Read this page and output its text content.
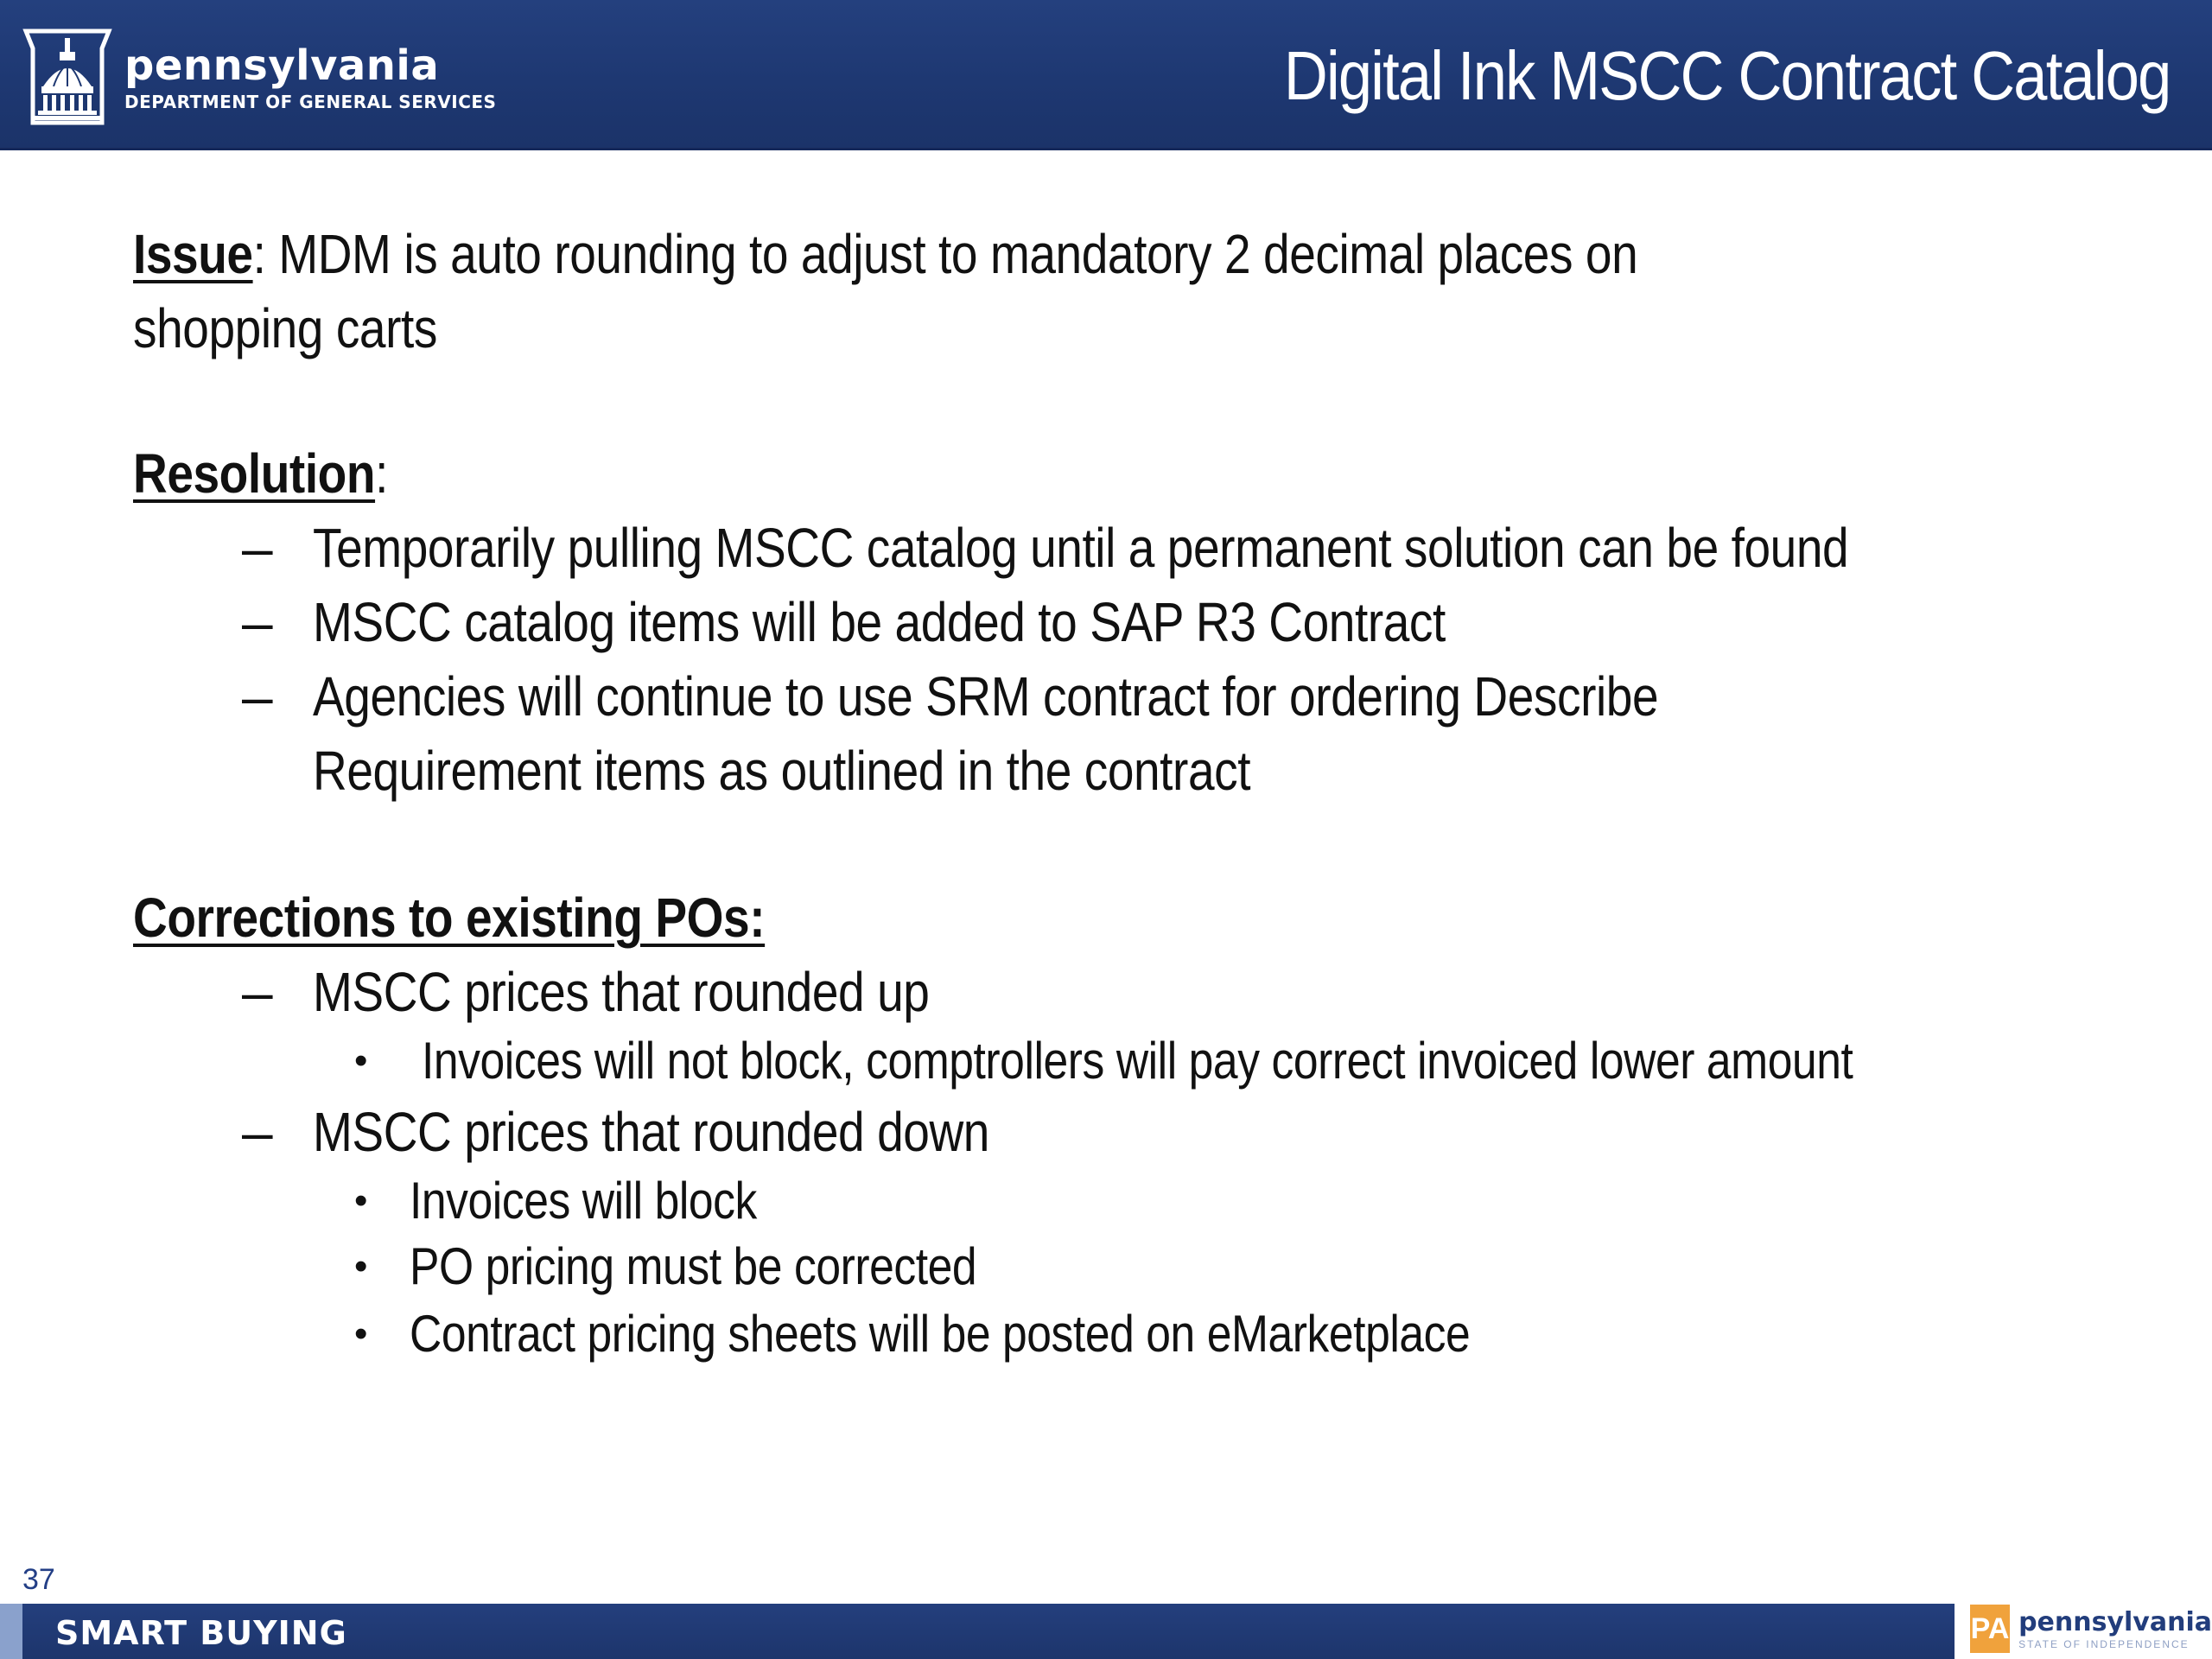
pennsylvania
DEPARTMENT OF GENERAL SERVICES	Digital Ink MSCC Contract Catalog
Issue: MDM is auto rounding to adjust to mandatory 2 decimal places on
shopping carts
Resolution:
– Temporarily pulling MSCC catalog until a permanent solution can be found
– MSCC catalog items will be added to SAP R3 Contract
– Agencies will continue to use SRM contract for ordering Describe
Requirement items as outlined in the contract
Corrections to existing POs:
– MSCC prices that rounded up
• Invoices will not block, comptrollers will pay correct invoiced lower amount
– MSCC prices that rounded down
• Invoices will block
• PO pricing must be corrected
• Contract pricing sheets will be posted on eMarketplace
37
SMART BUYING	PA pennsylvania
STATE OF INDEPENDENCE
